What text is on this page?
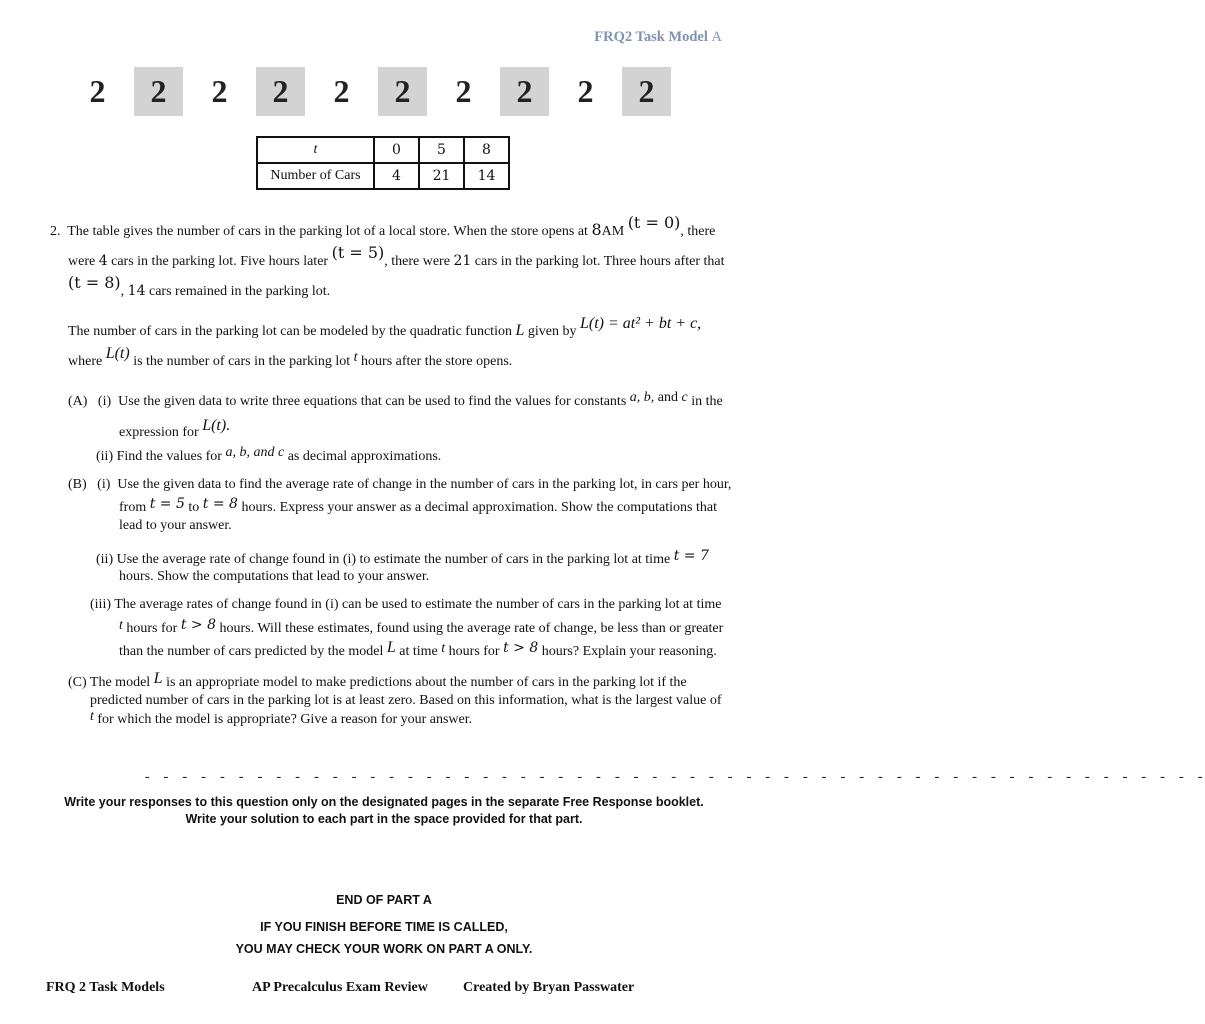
FRQ2 Task Model A
2	2	2	2	2	2	2	2	2	2
t	0	5	8
Number of Cars	4	21	14
2. The table gives the number of cars in the parking lot of a local store. When the store opens at 8AM (t = 0), there
were 4 cars in the parking lot. Five hours later (t = 5), there were 21 cars in the parking lot. Three hours after that
(t = 8), 14 cars remained in the parking lot.
The number of cars in the parking lot can be modeled by the quadratic function L given by L(t) = at² + bt + c,
where L(t) is the number of cars in the parking lot t hours after the store opens.
(A)   (i)  Use the given data to write three equations that can be used to find the values for constants a, b, and c in the
expression for L(t).
(ii) Find the values for a, b, and c as decimal approximations.
(B)   (i)  Use the given data to find the average rate of change in the number of cars in the parking lot, in cars per hour,
from t = 5 to t = 8 hours. Express your answer as a decimal approximation. Show the computations that
lead to your answer.
(ii) Use the average rate of change found in (i) to estimate the number of cars in the parking lot at time t = 7
hours. Show the computations that lead to your answer.
(iii) The average rates of change found in (i) can be used to estimate the number of cars in the parking lot at time
t hours for t > 8 hours. Will these estimates, found using the average rate of change, be less than or greater
than the number of cars predicted by the model L at time t hours for t > 8 hours? Explain your reasoning.
(C) The model L is an appropriate model to make predictions about the number of cars in the parking lot if the
predicted number of cars in the parking lot is at least zero. Based on this information, what is the largest value of
t for which the model is appropriate? Give a reason for your answer.
- - - - - - - - - - - - - - - - - - - - - - - - - - - - - - - - - - - - - - - - - - - - - - - - - - - - - - - - -
Write your responses to this question only on the designated pages in the separate Free Response booklet.
Write your solution to each part in the space provided for that part.
END OF PART A
IF YOU FINISH BEFORE TIME IS CALLED,
YOU MAY CHECK YOUR WORK ON PART A ONLY.
FRQ 2 Task Models	AP Precalculus Exam Review	Created by Bryan Passwater
